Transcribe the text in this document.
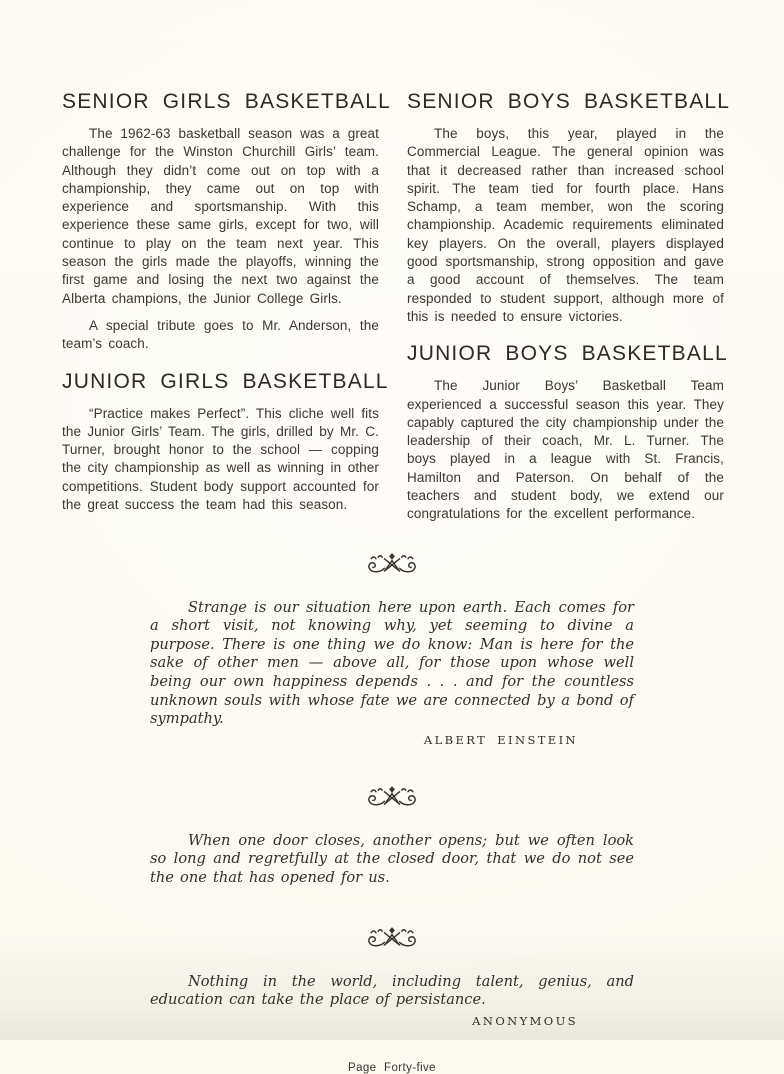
SENIOR GIRLS BASKETBALL

The 1962-63 basketball season was a great challenge for the Winston Churchill Girls’ team. Although they didn’t come out on top with a championship, they came out on top with experience and sportsmanship. With this experience these same girls, except for two, will continue to play on the team next year. This season the girls made the playoffs, winning the first game and losing the next two against the Alberta champions, the Junior College Girls.

A special tribute goes to Mr. Anderson, the team’s coach.

JUNIOR GIRLS BASKETBALL

“Practice makes Perfect”. This cliche well fits the Junior Girls’ Team. The girls, drilled by Mr. C. Turner, brought honor to the school — copping the city championship as well as winning in other competitions. Student body support accounted for the great success the team had this season.

SENIOR BOYS BASKETBALL

The boys, this year, played in the Commercial League. The general opinion was that it decreased rather than increased school spirit. The team tied for fourth place. Hans Schamp, a team member, won the scoring championship. Academic requirements eliminated key players. On the overall, players displayed good sportsmanship, strong opposition and gave a good account of themselves. The team responded to student support, although more of this is needed to ensure victories.

JUNIOR BOYS BASKETBALL

The Junior Boys’ Basketball Team experienced a successful season this year. They capably captured the city championship under the leadership of their coach, Mr. L. Turner. The boys played in a league with St. Francis, Hamilton and Paterson. On behalf of the teachers and student body, we extend our congratulations for the excellent performance.

Strange is our situation here upon earth. Each comes for a short visit, not knowing why, yet seeming to divine a purpose. There is one thing we do know: Man is here for the sake of other men — above all, for those upon whose well being our own happiness depends . . . and for the countless unknown souls with whose fate we are connected by a bond of sympathy.

ALBERT EINSTEIN

When one door closes, another opens; but we often look so long and regretfully at the closed door, that we do not see the one that has opened for us.

Nothing in the world, including talent, genius, and education can take the place of persistance.

ANONYMOUS

Page Forty-five
